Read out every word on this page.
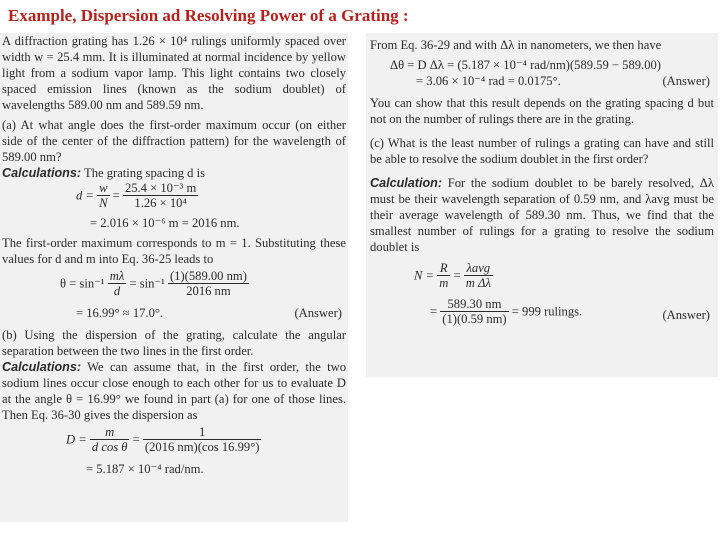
Example, Dispersion ad Resolving Power of a Grating :

A diffraction grating has 1.26 × 10⁴ rulings uniformly spaced over width w = 25.4 mm. It is illuminated at normal incidence by yellow light from a sodium vapor lamp. This light contains two closely spaced emission lines (known as the sodium doublet) of wavelengths 589.00 nm and 589.59 nm.

(a) At what angle does the first-order maximum occur (on either side of the center of the diffraction pattern) for the wavelength of 589.00 nm?

Calculations: The grating spacing d is

$d = \frac{w}{N} = \frac{\text{25.4 × 10⁻³ m}}{\text{1.26 × 10⁴}}$
= 2.016 × 10⁻⁶ m = 2016 nm.

The first-order maximum corresponds to m = 1. Substituting these values for d and m into Eq. 36-25 leads to

$\theta = \sin^{-1} \frac{m\lambda}{d} = \sin^{-1} \frac{(1)(589.00 nm)}{2016 nm}$
= 16.99° ≈ 17.0°.	(Answer)

(b) Using the dispersion of the grating, calculate the angular separation between the two lines in the first order.

Calculations: We can assume that, in the first order, the two sodium lines occur close enough to each other for us to evaluate D at the angle θ = 16.99° we found in part (a) for one of those lines. Then Eq. 36-30 gives the dispersion as

$D = \frac{m}{\text{d cos θ}} = \frac{1}{(2016 nm)(\cos 16.99^\circ)}$
= 5.187 × 10⁻⁴ rad/nm.

From Eq. 36-29 and with Δλ in nanometers, we then have

Δθ = D Δλ = (5.187 × 10⁻⁴ rad/nm)(589.59 − 589.00)
= 3.06 × 10⁻⁴ rad = 0.0175°.	(Answer)

You can show that this result depends on the grating spacing d but not on the number of rulings there are in the grating.

(c) What is the least number of rulings a grating can have and still be able to resolve the sodium doublet in the first order?

Calculation: For the sodium doublet to be barely resolved, Δλ must be their wavelength separation of 0.59 nm, and λavg must be their average wavelength of 589.30 nm. Thus, we find that the smallest number of rulings for a grating to resolve the sodium doublet is

$N = \frac{R}{m} = \frac{\text{λavg}}{\text{m Δλ}}$
= $\frac{589.30 nm}{(1)(0.59 nm)} = 999$ rulings.	(Answer)
